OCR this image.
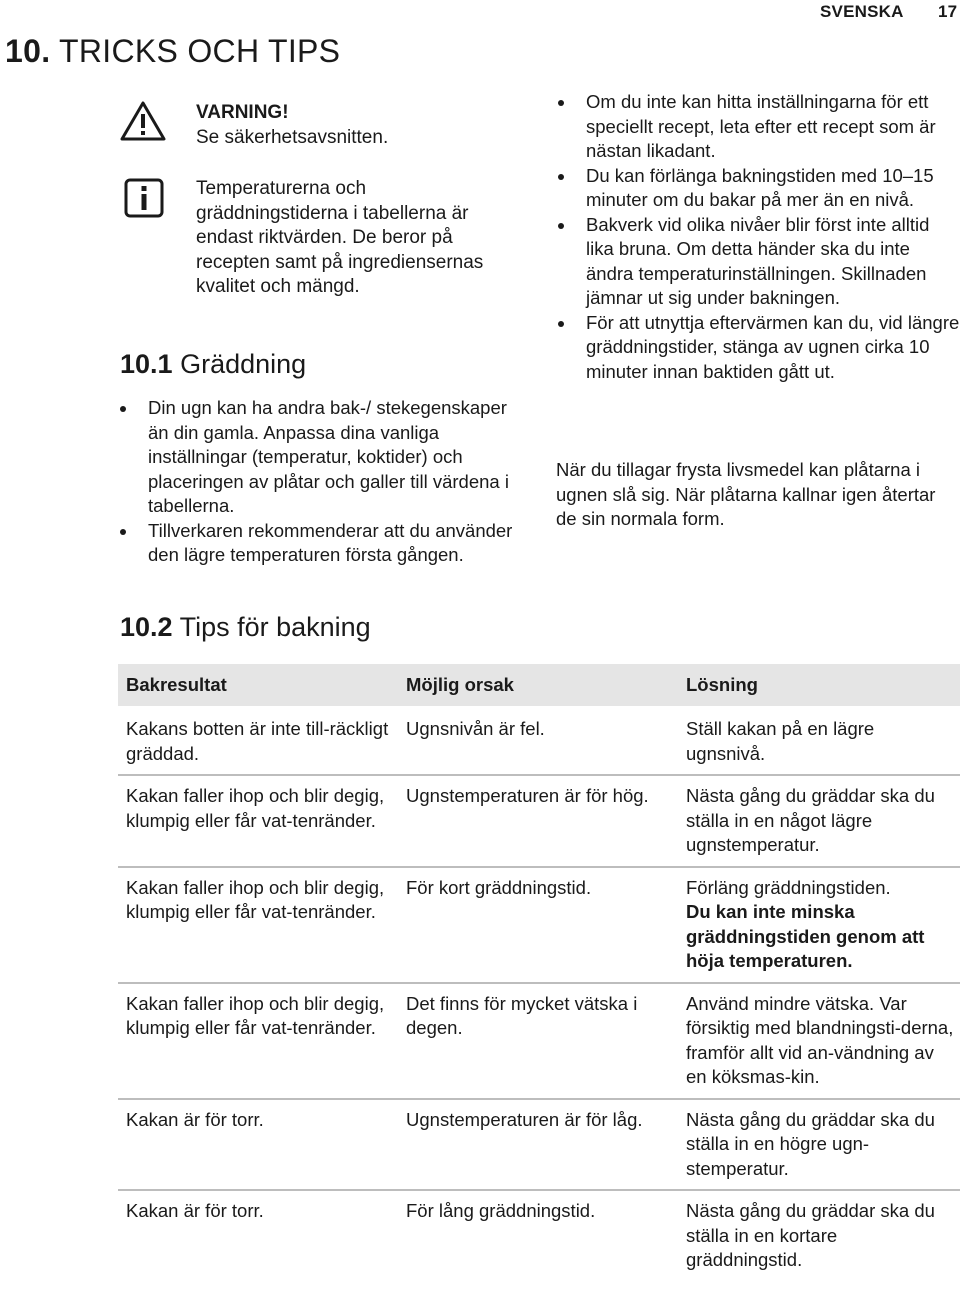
SVENSKA 17
10. TRICKS OCH TIPS
VARNING!
Se säkerhetsavsnitten.
Temperaturerna och gräddningstiderna i tabellerna är endast riktvärden. De beror på recepten samt på ingrediensernas kvalitet och mängd.
10.1 Gräddning
Din ugn kan ha andra bak-/ stekegenskaper än din gamla. Anpassa dina vanliga inställningar (temperatur, koktider) och placeringen av plåtar och galler till värdena i tabellerna.
Tillverkaren rekommenderar att du använder den lägre temperaturen första gången.
Om du inte kan hitta inställningarna för ett speciellt recept, leta efter ett recept som är nästan likadant.
Du kan förlänga bakningstiden med 10–15 minuter om du bakar på mer än en nivå.
Bakverk vid olika nivåer blir först inte alltid lika bruna. Om detta händer ska du inte ändra temperaturinställningen. Skillnaden jämnar ut sig under bakningen.
För att utnyttja eftervärmen kan du, vid längre gräddningstider, stänga av ugnen cirka 10 minuter innan baktiden gått ut.
När du tillagar frysta livsmedel kan plåtarna i ugnen slå sig. När plåtarna kallnar igen återtar de sin normala form.
10.2 Tips för bakning
Bakresultat	Möjlig orsak	Lösning
Kakans botten är inte till-räckligt gräddad.	Ugnsnivån är fel.	Ställ kakan på en lägre ugnsnivå.
Kakan faller ihop och blir degig, klumpig eller får vat-tenränder.	Ugnstemperaturen är för hög.	Nästa gång du gräddar ska du ställa in en något lägre ugnstemperatur.
Kakan faller ihop och blir degig, klumpig eller får vat-tenränder.	För kort gräddningstid.	Förläng gräddningstiden.
Du kan inte minska gräddningstiden genom att höja temperaturen.
Kakan faller ihop och blir degig, klumpig eller får vat-tenränder.	Det finns för mycket vätska i degen.	Använd mindre vätska. Var försiktig med blandningsti-derna, framför allt vid an-vändning av en köksmas-kin.
Kakan är för torr.	Ugnstemperaturen är för låg.	Nästa gång du gräddar ska du ställa in en högre ugn-stemperatur.
Kakan är för torr.	För lång gräddningstid.	Nästa gång du gräddar ska du ställa in en kortare gräddningstid.
